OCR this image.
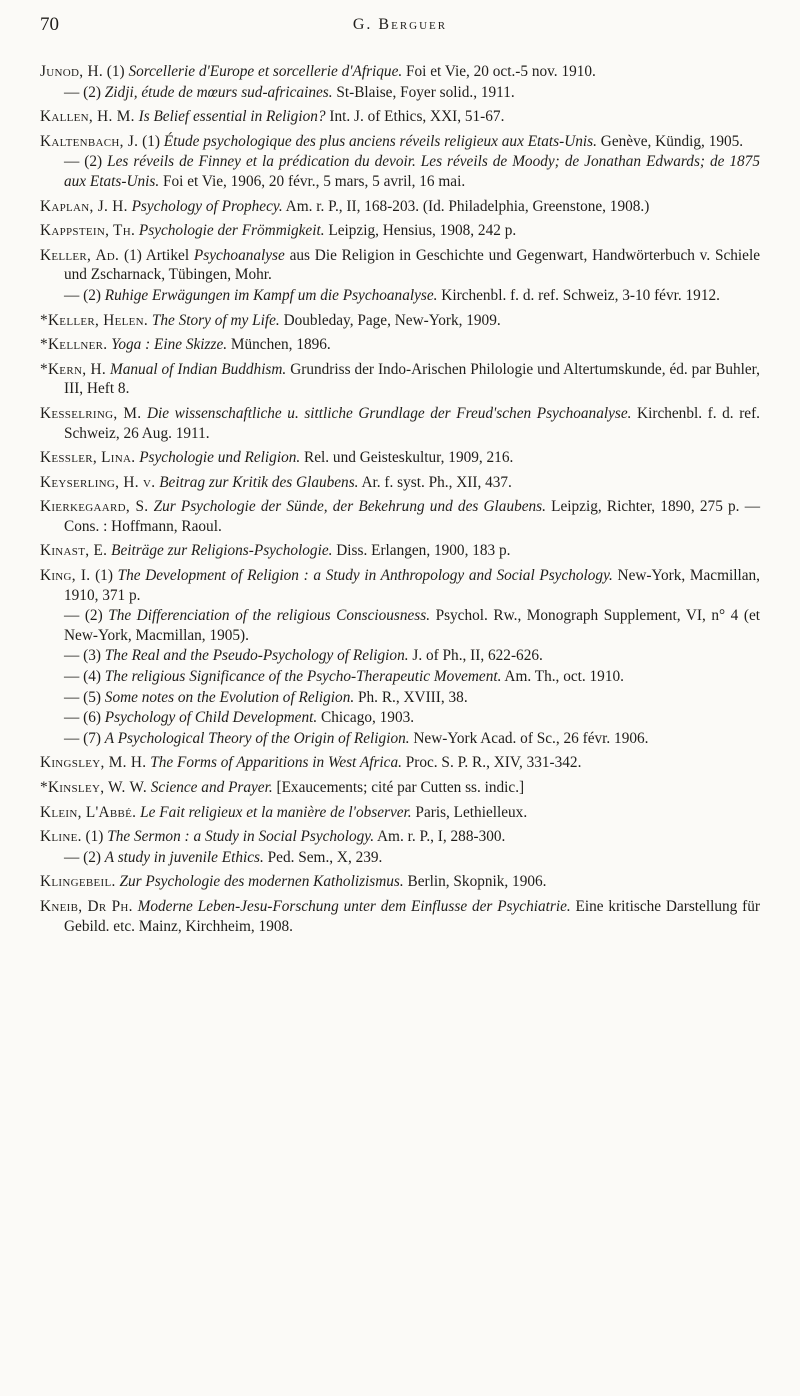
70	G. Berguer
Junod, H. (1) Sorcellerie d'Europe et sorcellerie d'Afrique. Foi et Vie, 20 oct.-5 nov. 1910.
— (2) Zidji, étude de mœurs sud-africaines. St-Blaise, Foyer solid., 1911.
Kallen, H. M. Is Belief essential in Religion? Int. J. of Ethics, XXI, 51-67.
Kaltenbach, J. (1) Étude psychologique des plus anciens réveils religieux aux Etats-Unis. Genève, Kündig, 1905.
— (2) Les réveils de Finney et la prédication du devoir. Les réveils de Moody; de Jonathan Edwards; de 1875 aux Etats-Unis. Foi et Vie, 1906, 20 févr., 5 mars, 5 avril, 16 mai.
Kaplan, J. H. Psychology of Prophecy. Am. r. P., II, 168-203. (Id. Philadelphia, Greenstone, 1908.)
Kappstein, Th. Psychologie der Frömmigkeit. Leipzig, Hensius, 1908, 242 p.
Keller, Ad. (1) Artikel Psychoanalyse aus Die Religion in Geschichte und Gegenwart, Handwörterbuch v. Schiele und Zscharnack, Tübingen, Mohr.
— (2) Ruhige Erwägungen im Kampf um die Psychoanalyse. Kirchenbl. f. d. ref. Schweiz, 3-10 févr. 1912.
*Keller, Helen. The Story of my Life. Doubleday, Page, New-York, 1909.
*Kellner. Yoga : Eine Skizze. München, 1896.
*Kern, H. Manual of Indian Buddhism. Grundriss der Indo-Arischen Philologie und Altertumskunde, éd. par Buhler, III, Heft 8.
Kesselring, M. Die wissenschaftliche u. sittliche Grundlage der Freud'schen Psychoanalyse. Kirchenbl. f. d. ref. Schweiz, 26 Aug. 1911.
Kessler, Lina. Psychologie und Religion. Rel. und Geisteskultur, 1909, 216.
Keyserling, H. v. Beitrag zur Kritik des Glaubens. Ar. f. syst. Ph., XII, 437.
Kierkegaard, S. Zur Psychologie der Sünde, der Bekehrung und des Glaubens. Leipzig, Richter, 1890, 275 p. — Cons. : Hoffmann, Raoul.
Kinast, E. Beiträge zur Religions-Psychologie. Diss. Erlangen, 1900, 183 p.
King, I. (1) The Development of Religion : a Study in Anthropology and Social Psychology. New-York, Macmillan, 1910, 371 p.
— (2) The Differenciation of the religious Consciousness. Psychol. Rw., Monograph Supplement, VI, n° 4 (et New-York, Macmillan, 1905).
— (3) The Real and the Pseudo-Psychology of Religion. J. of Ph., II, 622-626.
— (4) The religious Significance of the Psycho-Therapeutic Movement. Am. Th., oct. 1910.
— (5) Some notes on the Evolution of Religion. Ph. R., XVIII, 38.
— (6) Psychology of Child Development. Chicago, 1903.
— (7) A Psychological Theory of the Origin of Religion. New-York Acad. of Sc., 26 févr. 1906.
Kingsley, M. H. The Forms of Apparitions in West Africa. Proc. S. P. R., XIV, 331-342.
*Kinsley, W. W. Science and Prayer. [Exaucements; cité par Cutten ss. indic.]
Klein, L'Abbé. Le Fait religieux et la manière de l'observer. Paris, Lethielleux.
Kline. (1) The Sermon : a Study in Social Psychology. Am. r. P., I, 288-300.
— (2) A study in juvenile Ethics. Ped. Sem., X, 239.
Klingebeil. Zur Psychologie des modernen Katholizismus. Berlin, Skopnik, 1906.
Kneib, Dr Ph. Moderne Leben-Jesu-Forschung unter dem Einflusse der Psychiatrie. Eine kritische Darstellung für Gebild. etc. Mainz, Kirchheim, 1908.
